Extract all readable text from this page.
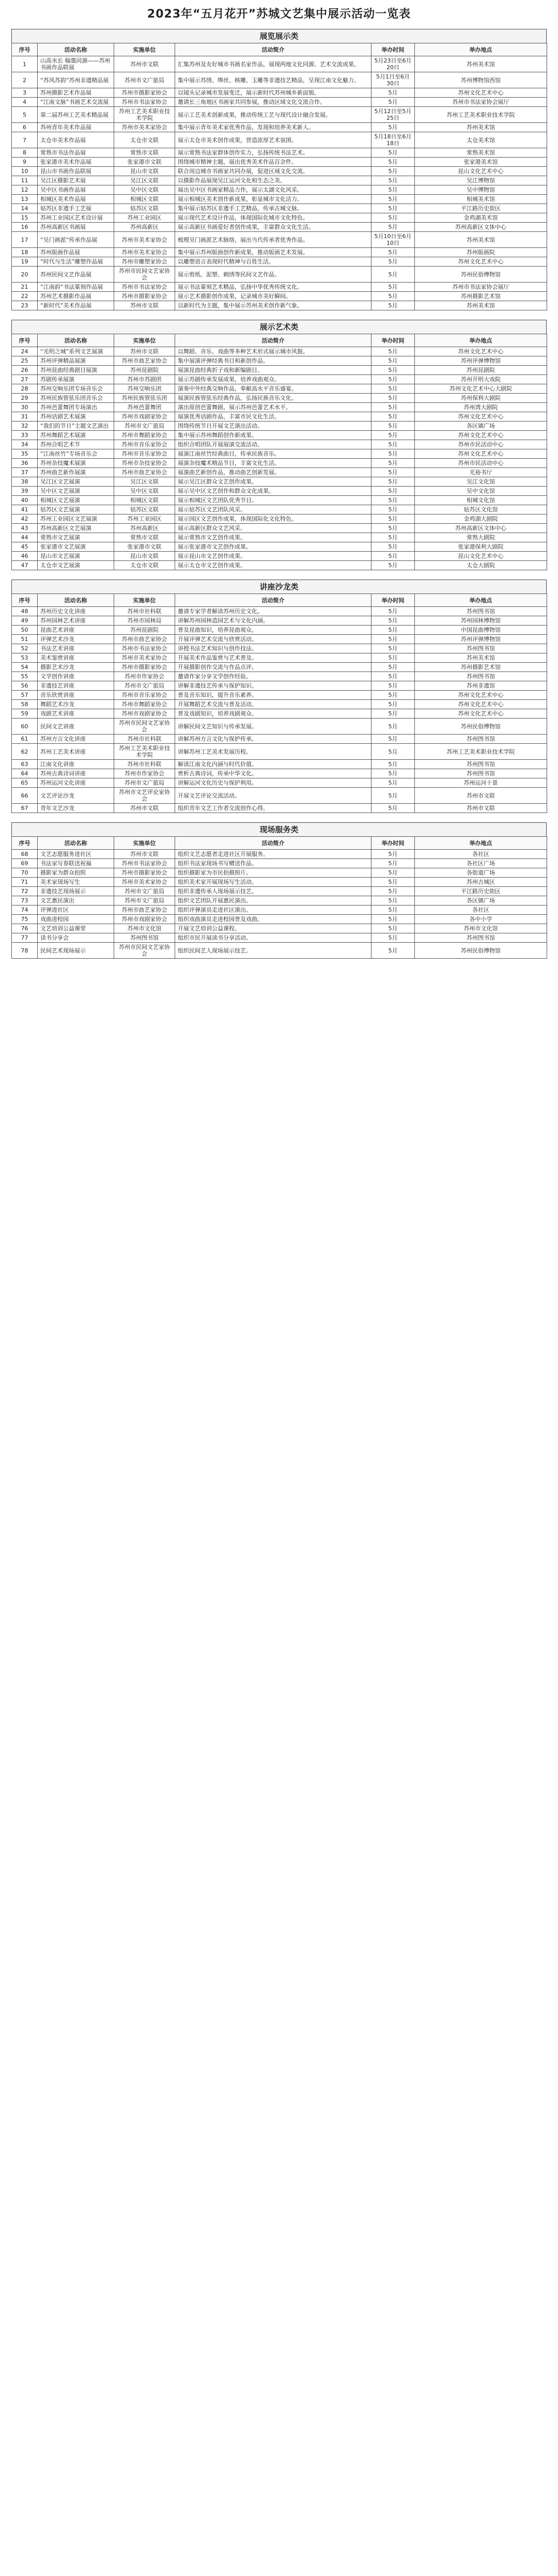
2023年“五月花开”苏城文艺集中展示活动一览表
展览展示类
序号	活动名称	实施单位	活动简介	举办时间	举办地点
1	山高水长 翰墨同源——苏州书画作品联展	苏州市文联	汇集苏州及友好城市书画名家作品，展现两地文化同源、艺术交流成果。	5月23日至6月20日	苏州美术馆
2	“苏风苏韵”苏州非遗精品展	苏州市文广旅局	集中展示苏绣、缂丝、核雕、玉雕等非遗技艺精品，呈现江南文化魅力。	5月1日至6月30日	苏州博物馆西馆
3	苏州摄影艺术作品展	苏州市摄影家协会	以镜头记录城市发展变迁，展示新时代苏州城乡新面貌。	5月	苏州文化艺术中心
4	“江南文脉”书画艺术交流展	苏州市书法家协会	邀请长三角地区书画家共同参展，推动区域文化交流合作。	5月	苏州市书法家协会展厅
5	第二届苏州工艺美术精品展	苏州工艺美术职业技术学院	展示工艺美术创新成果，推动传统工艺与现代设计融合发展。	5月12日至5月25日	苏州工艺美术职业技术学院
6	苏州青年美术作品展	苏州市美术家协会	集中展示青年美术家优秀作品，发现和培养美术新人。	5月	苏州美术馆
7	太仓市美术作品展	太仓市文联	展示太仓市美术创作成果，营造浓厚艺术氛围。	5月18日至6月18日	太仓美术馆
8	常熟市书法作品展	常熟市文联	展示常熟书法家群体创作实力，弘扬传统书法艺术。	5月	常熟美术馆
9	张家港市美术作品展	张家港市文联	围绕城市精神主题，展出优秀美术作品百余件。	5月	张家港美术馆
10	昆山市书画作品联展	昆山市文联	联合周边城市书画家共同办展，促进区域文化交流。	5月	昆山文化艺术中心
11	吴江区摄影艺术展	吴江区文联	以摄影作品展现吴江运河文化和生态之美。	5月	吴江博物馆
12	吴中区书画作品展	吴中区文联	展出吴中区书画家精品力作，展示太湖文化风采。	5月	吴中博物馆
13	相城区美术作品展	相城区文联	展示相城区美术创作新成果，彰显城市文化活力。	5月	相城美术馆
14	姑苏区非遗手工艺展	姑苏区文联	集中展示姑苏区非遗手工艺精品，传承古城文脉。	5月	平江路历史街区
15	苏州工业园区艺术设计展	苏州工业园区	展示现代艺术设计作品，体现国际化城市文化特色。	5月	金鸡湖美术馆
16	苏州高新区书画展	苏州高新区	展示高新区书画爱好者创作成果，丰富群众文化生活。	5月	苏州高新区文体中心
17	“吴门画派”传承作品展	苏州市美术家协会	梳理吴门画派艺术脉络，展出当代传承者优秀作品。	5月10日至6月10日	苏州美术馆
18	苏州版画作品展	苏州市美术家协会	集中展示苏州版画创作新成果，推动版画艺术发展。	5月	苏州版画院
19	“时代与生活”雕塑作品展	苏州市雕塑家协会	以雕塑语言表现时代精神与百姓生活。	5月	苏州文化艺术中心
20	苏州民间文艺作品展	苏州市民间文艺家协会	展示剪纸、泥塑、刺绣等民间文艺作品。	5月	苏州民俗博物馆
21	“江南韵”书法篆刻作品展	苏州市书法家协会	展示书法篆刻艺术精品，弘扬中华优秀传统文化。	5月	苏州市书法家协会展厅
22	苏州艺术摄影作品展	苏州市摄影家协会	展示艺术摄影创作成果，记录城市美好瞬间。	5月	苏州摄影艺术馆
23	“新时代”美术作品展	苏州市文联	以新时代为主题，集中展示苏州美术创作新气象。	5月	苏州美术馆
展示艺术类
序号	活动名称	实施单位	活动简介	举办时间	举办地点
24	“光明之城”系列文艺展演	苏州市文联	以舞蹈、音乐、戏曲等多种艺术形式展示城市风貌。	5月	苏州文化艺术中心
25	苏州评弹精品展演	苏州市曲艺家协会	集中展演评弹经典书目和新创作品。	5月	苏州评弹博物馆
26	苏州昆曲经典剧目展演	苏州昆剧院	展演昆曲经典折子戏和新编剧目。	5月	苏州昆剧院
27	苏剧传承展演	苏州市苏剧团	展示苏剧传承发展成果，培养戏曲观众。	5月	苏州开明大戏院
28	苏州交响乐团专场音乐会	苏州交响乐团	演奏中外经典交响作品，奉献高水平音乐盛宴。	5月	苏州文化艺术中心大剧院
29	苏州民族管弦乐团音乐会	苏州民族管弦乐团	展演民族管弦乐经典作品，弘扬民族音乐文化。	5月	苏州保利大剧院
30	苏州芭蕾舞团专场演出	苏州芭蕾舞团	演出原创芭蕾舞剧，展示苏州芭蕾艺术水平。	5月	苏州湾大剧院
31	苏州话剧艺术展演	苏州市戏剧家协会	展演优秀话剧作品，丰富市民文化生活。	5月	苏州文化艺术中心
32	“我们的节日”主题文艺演出	苏州市文广旅局	围绕传统节日开展文艺演出活动。	5月	各区镇广场
33	苏州舞蹈艺术展演	苏州市舞蹈家协会	集中展示苏州舞蹈创作新成果。	5月	苏州文化艺术中心
34	苏州合唱艺术节	苏州市音乐家协会	组织合唱团队开展展演交流活动。	5月	苏州市民活动中心
35	“江南丝竹”专场音乐会	苏州市音乐家协会	展演江南丝竹经典曲目，传承民族音乐。	5月	苏州文化艺术中心
36	苏州杂技魔术展演	苏州市杂技家协会	展演杂技魔术精品节目，丰富文化生活。	5月	苏州市民活动中心
37	苏州曲艺新作展演	苏州市曲艺家协会	展演曲艺新创作品，推动曲艺创新发展。	5月	光裕书厅
38	吴江区文艺展演	吴江区文联	展示吴江区群众文艺创作成果。	5月	吴江文化馆
39	吴中区文艺展演	吴中区文联	展示吴中区文艺创作和群众文化成果。	5月	吴中文化馆
40	相城区文艺展演	相城区文联	展示相城区文艺团队优秀节目。	5月	相城文化馆
41	姑苏区文艺展演	姑苏区文联	展示姑苏区文艺团队风采。	5月	姑苏区文化馆
42	苏州工业园区文艺展演	苏州工业园区	展示园区文艺创作成果，体现国际化文化特色。	5月	金鸡湖大剧院
43	苏州高新区文艺展演	苏州高新区	展示高新区群众文艺风采。	5月	苏州高新区文体中心
44	常熟市文艺展演	常熟市文联	展示常熟市文艺创作成果。	5月	常熟大剧院
45	张家港市文艺展演	张家港市文联	展示张家港市文艺创作成果。	5月	张家港保利大剧院
46	昆山市文艺展演	昆山市文联	展示昆山市文艺创作成果。	5月	昆山文化艺术中心
47	太仓市文艺展演	太仓市文联	展示太仓市文艺创作成果。	5月	太仓大剧院
讲座沙龙类
序号	活动名称	实施单位	活动简介	举办时间	举办地点
48	苏州历史文化讲座	苏州市社科联	邀请专家学者解读苏州历史文化。	5月	苏州图书馆
49	苏州园林艺术讲座	苏州市园林局	讲解苏州园林造园艺术与文化内涵。	5月	苏州园林博物馆
50	昆曲艺术讲座	苏州昆剧院	普及昆曲知识，培养昆曲观众。	5月	中国昆曲博物馆
51	评弹艺术沙龙	苏州市曲艺家协会	开展评弹艺术交流与欣赏活动。	5月	苏州评弹博物馆
52	书法艺术讲座	苏州市书法家协会	讲授书法艺术知识与创作技法。	5月	苏州图书馆
53	美术鉴赏讲座	苏州市美术家协会	开展美术作品鉴赏与艺术普及。	5月	苏州美术馆
54	摄影艺术沙龙	苏州市摄影家协会	开展摄影创作交流与作品点评。	5月	苏州摄影艺术馆
55	文学创作讲座	苏州市作家协会	邀请作家分享文学创作经验。	5月	苏州图书馆
56	非遗技艺讲座	苏州市文广旅局	讲解非遗技艺传承与保护知识。	5月	苏州非遗馆
57	音乐欣赏讲座	苏州市音乐家协会	普及音乐知识，提升音乐素养。	5月	苏州文化艺术中心
58	舞蹈艺术沙龙	苏州市舞蹈家协会	开展舞蹈艺术交流与普及活动。	5月	苏州文化艺术中心
59	戏剧艺术讲座	苏州市戏剧家协会	普及戏剧知识，培养戏剧观众。	5月	苏州文化艺术中心
60	民间文艺讲座	苏州市民间文艺家协会	讲解民间文艺知识与传承发展。	5月	苏州民俗博物馆
61	苏州方言文化讲座	苏州市社科联	讲解苏州方言文化与保护传承。	5月	苏州图书馆
62	苏州工艺美术讲座	苏州工艺美术职业技术学院	讲解苏州工艺美术发展历程。	5月	苏州工艺美术职业技术学院
63	江南文化讲座	苏州市社科联	解读江南文化内涵与时代价值。	5月	苏州图书馆
64	苏州古典诗词讲座	苏州市作家协会	赏析古典诗词，传承中华文化。	5月	苏州图书馆
65	苏州运河文化讲座	苏州市文广旅局	讲解运河文化历史与保护利用。	5月	苏州运河十景
66	文艺评论沙龙	苏州市文艺评论家协会	开展文艺评论交流活动。	5月	苏州市文联
67	青年文艺沙龙	苏州市文联	组织青年文艺工作者交流创作心得。	5月	苏州市文联
现场服务类
序号	活动名称	实施单位	活动简介	举办时间	举办地点
68	文艺志愿服务进社区	苏州市文联	组织文艺志愿者走进社区开展服务。	5月	各社区
69	书法家写春联送祝福	苏州市书法家协会	组织书法家现场书写赠送作品。	5月	各社区广场
70	摄影家为群众拍照	苏州市摄影家协会	组织摄影家为市民拍摄照片。	5月	各街道广场
71	美术家现场写生	苏州市美术家协会	组织美术家开展现场写生活动。	5月	苏州古城区
72	非遗技艺现场展示	苏州市文广旅局	组织非遗传承人现场展示技艺。	5月	平江路历史街区
73	文艺惠民演出	苏州市文广旅局	组织文艺团队开展惠民演出。	5月	各区镇广场
74	评弹进社区	苏州市曲艺家协会	组织评弹演员走进社区演出。	5月	各社区
75	戏曲进校园	苏州市戏剧家协会	组织戏曲演员走进校园普及戏曲。	5月	各中小学
76	文艺培训公益课堂	苏州市文化馆	开展文艺培训公益课程。	5月	苏州市文化馆
77	读书分享会	苏州图书馆	组织市民开展读书分享活动。	5月	苏州图书馆
78	民间艺术现场展示	苏州市民间文艺家协会	组织民间艺人现场展示技艺。	5月	苏州民俗博物馆
